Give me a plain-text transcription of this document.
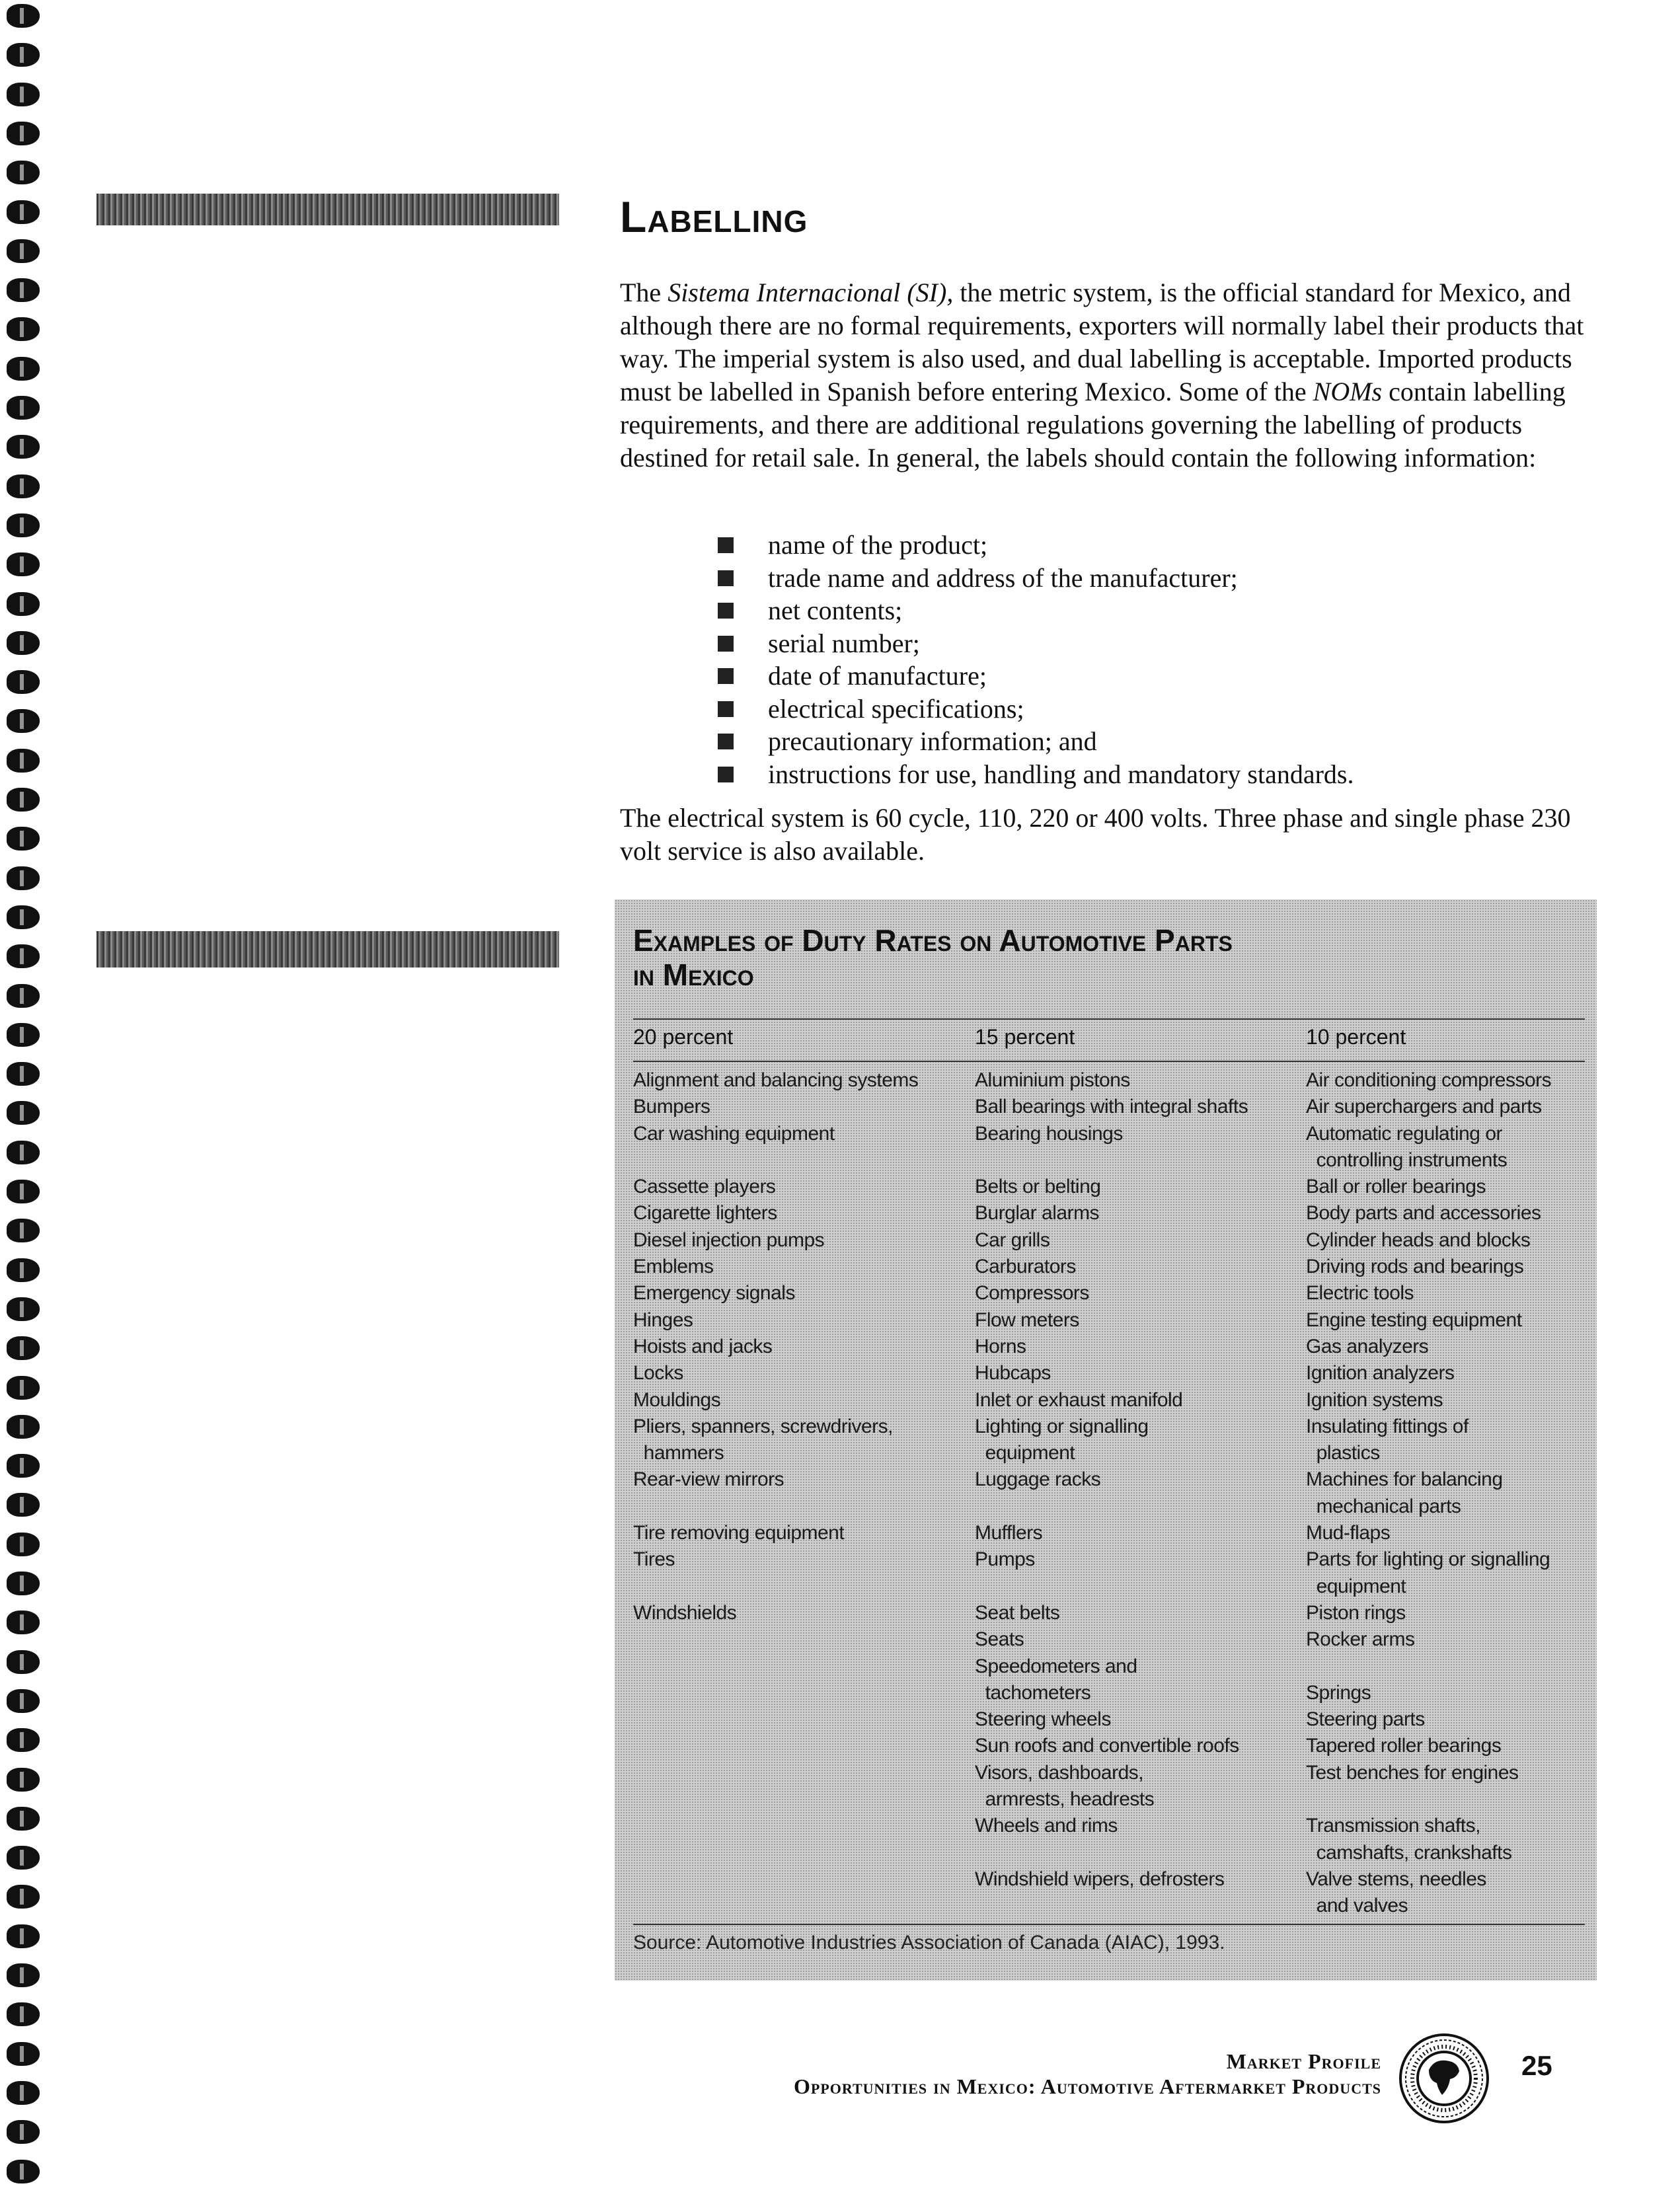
Labelling

The Sistema Internacional (SI), the metric system, is the official standard for Mexico, and although there are no formal requirements, exporters will normally label their products that way. The imperial system is also used, and dual labelling is acceptable. Imported products must be labelled in Spanish before entering Mexico. Some of the NOMs contain labelling requirements, and there are additional regulations governing the labelling of products destined for retail sale. In general, the labels should contain the following information:

name of the product;
trade name and address of the manufacturer;
net contents;
serial number;
date of manufacture;
electrical specifications;
precautionary information; and
instructions for use, handling and mandatory standards.

The electrical system is 60 cycle, 110, 220 or 400 volts. Three phase and single phase 230 volt service is also available.

Examples of Duty Rates on Automotive Parts
in Mexico
20 percent	15 percent	10 percent
Alignment and balancing systems
Bumpers
Car washing equipment
Cassette players
Cigarette lighters
Diesel injection pumps
Emblems
Emergency signals
Hinges
Hoists and jacks
Locks
Mouldings
Pliers, spanners, screwdrivers,
hammers
Rear-view mirrors
Tire removing equipment
Tires
Windshields
Aluminium pistons
Ball bearings with integral shafts
Bearing housings
Belts or belting
Burglar alarms
Car grills
Carburators
Compressors
Flow meters
Horns
Hubcaps
Inlet or exhaust manifold
Lighting or signalling
equipment
Luggage racks
Mufflers
Pumps
Seat belts
Seats
Speedometers and
tachometers
Steering wheels
Sun roofs and convertible roofs
Visors, dashboards,
armrests, headrests
Wheels and rims
Windshield wipers, defrosters
Air conditioning compressors
Air superchargers and parts
Automatic regulating or
controlling instruments
Ball or roller bearings
Body parts and accessories
Cylinder heads and blocks
Driving rods and bearings
Electric tools
Engine testing equipment
Gas analyzers
Ignition analyzers
Ignition systems
Insulating fittings of
plastics
Machines for balancing
mechanical parts
Mud-flaps
Parts for lighting or signalling
equipment
Piston rings
Rocker arms
Springs
Steering parts
Tapered roller bearings
Test benches for engines
Transmission shafts,
camshafts, crankshafts
Valve stems, needles
and valves
Source: Automotive Industries Association of Canada (AIAC), 1993.
Market Profile
Opportunities in Mexico: Automotive Aftermarket Products
25
